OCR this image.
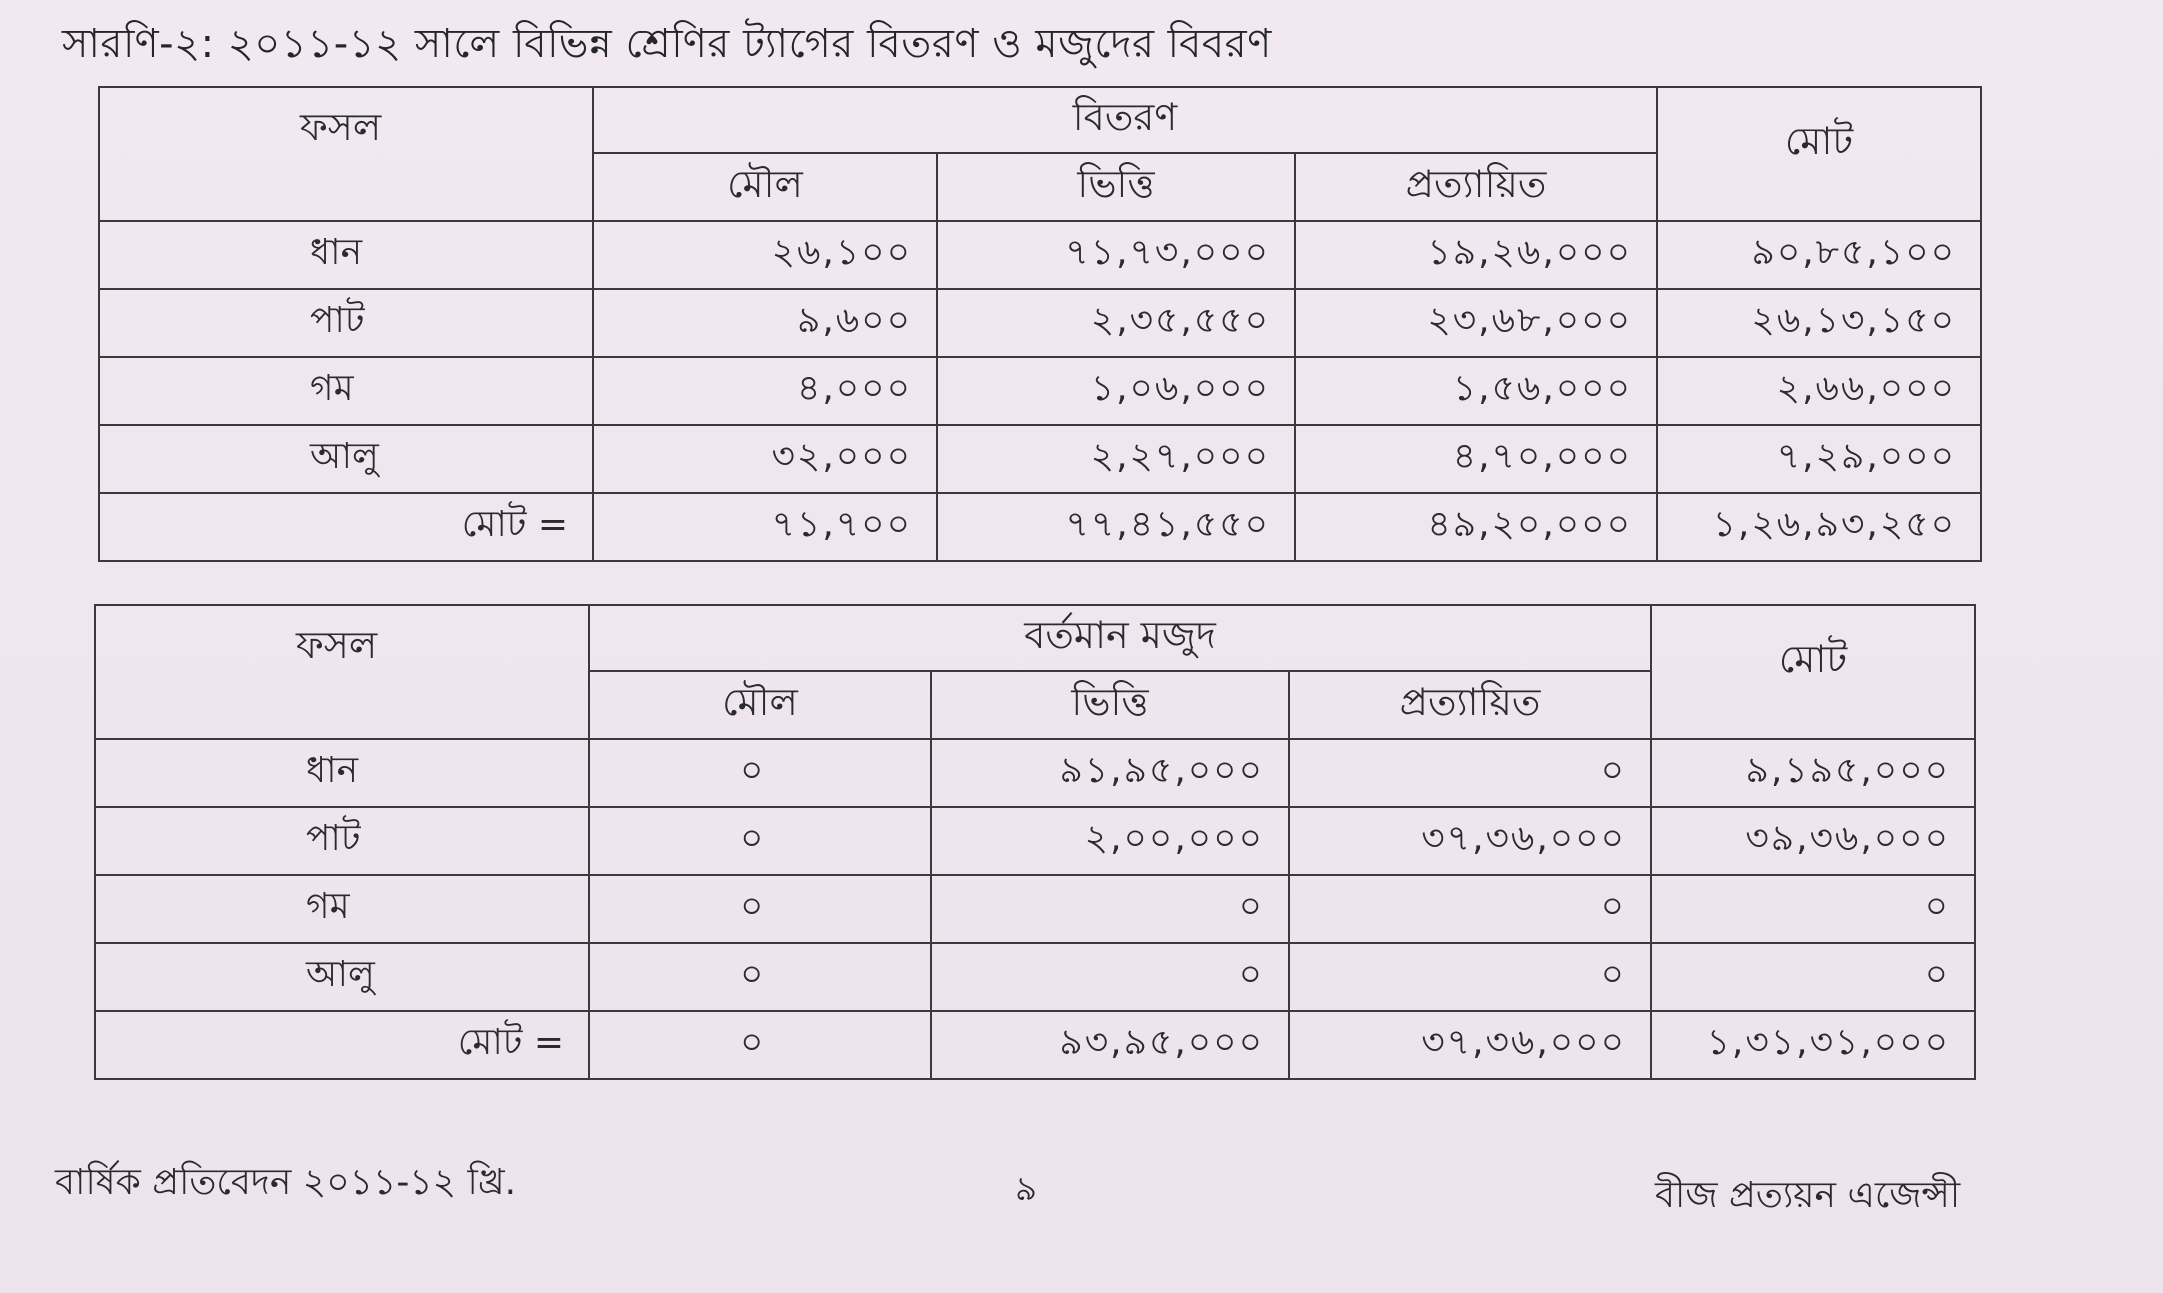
সারণি-২: ২০১১-১২ সালে বিভিন্ন শ্রেণির ট্যাগের বিতরণ ও মজুদের বিবরণ
ফসল	বিতরণ			মোট
	মৌল	ভিত্তি	প্রত্যায়িত	
ধান	২৬,১০০	৭১,৭৩,০০০	১৯,২৬,০০০	৯০,৮৫,১০০
পাট	৯,৬০০	২,৩৫,৫৫০	২৩,৬৮,০০০	২৬,১৩,১৫০
গম	৪,০০০	১,০৬,০০০	১,৫৬,০০০	২,৬৬,০০০
আলু	৩২,০০০	২,২৭,০০০	৪,৭০,০০০	৭,২৯,০০০
মোট =	৭১,৭০০	৭৭,৪১,৫৫০	৪৯,২০,০০০	১,২৬,৯৩,২৫০
ফসল	বর্তমান মজুদ			মোট
	মৌল	ভিত্তি	প্রত্যায়িত	
ধান	০	৯১,৯৫,০০০	০	৯,১৯৫,০০০
পাট	০	২,০০,০০০	৩৭,৩৬,০০০	৩৯,৩৬,০০০
গম	০	০	০	০
আলু	০	০	০	০
মোট =	০	৯৩,৯৫,০০০	৩৭,৩৬,০০০	১,৩১,৩১,০০০
বার্ষিক প্রতিবেদন ২০১১-১২ খ্রি.	৯	বীজ প্রত্যয়ন এজেন্সী
